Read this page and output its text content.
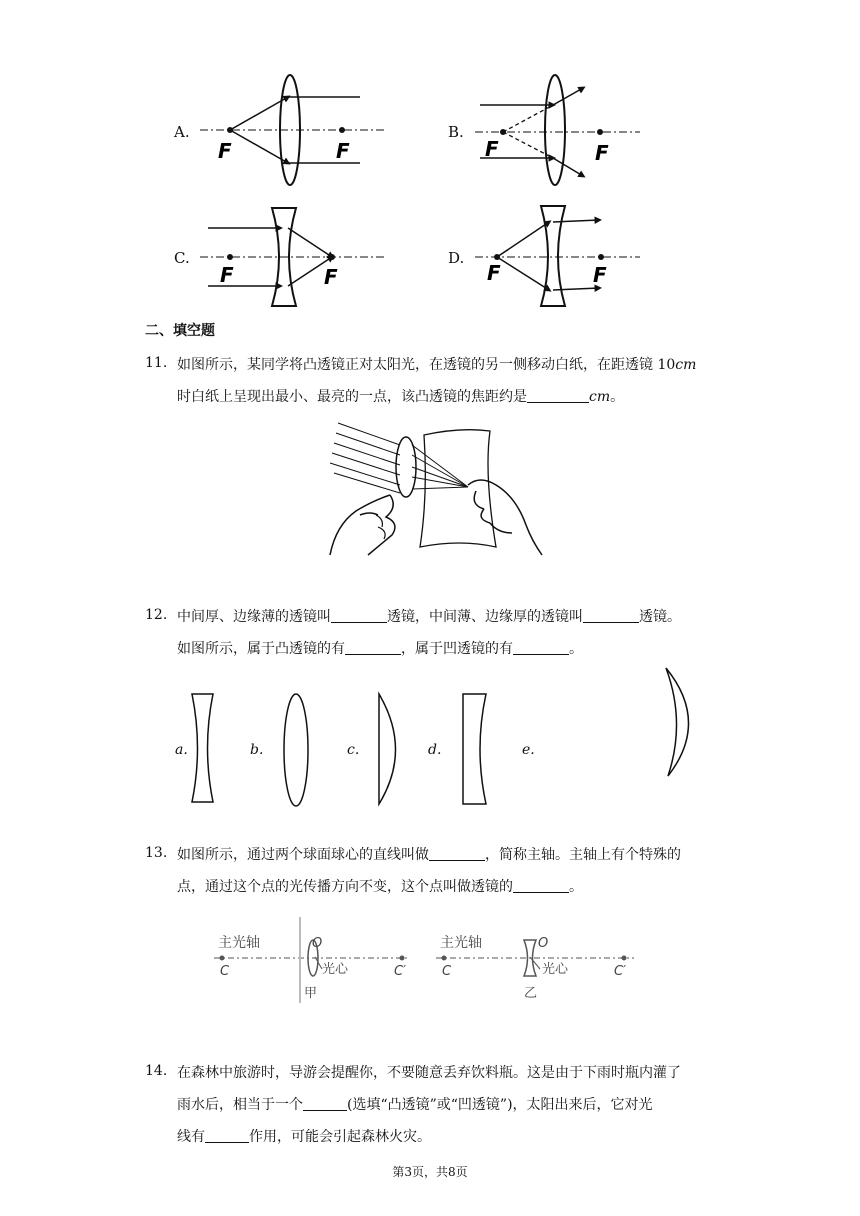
A.
F	F
B.
F	F
C.
F	F
D.
F	F
二、填空题
11. 如图所示，某同学将凸透镜正对太阳光，在透镜的另一侧移动白纸，在距透镜 10cm
时白纸上呈现出最小、最亮的一点，该凸透镜的焦距约是	cm。
12. 中间厚、边缘薄的透镜叫	透镜，中间薄、边缘厚的透镜叫	透镜。
如图所示，属于凸透镜的有	，属于凹透镜的有	。
a.	b.	c.	d.	e.
13. 如图所示，通过两个球面球心的直线叫做	，简称主轴。主轴上有个特殊的
点，通过这个点的光传播方向不变，这个点叫做透镜的	。
主光轴	O
光心
C	C′
甲
主光轴	O
光心
C	C′
乙
14. 在森林中旅游时，导游会提醒你，不要随意丢弃饮料瓶。这是由于下雨时瓶内灌了
雨水后，相当于一个	(选填“凸透镜”或“凹透镜”)，太阳出来后，它对光
线有	作用，可能会引起森林火灾。
第3页，共8页
